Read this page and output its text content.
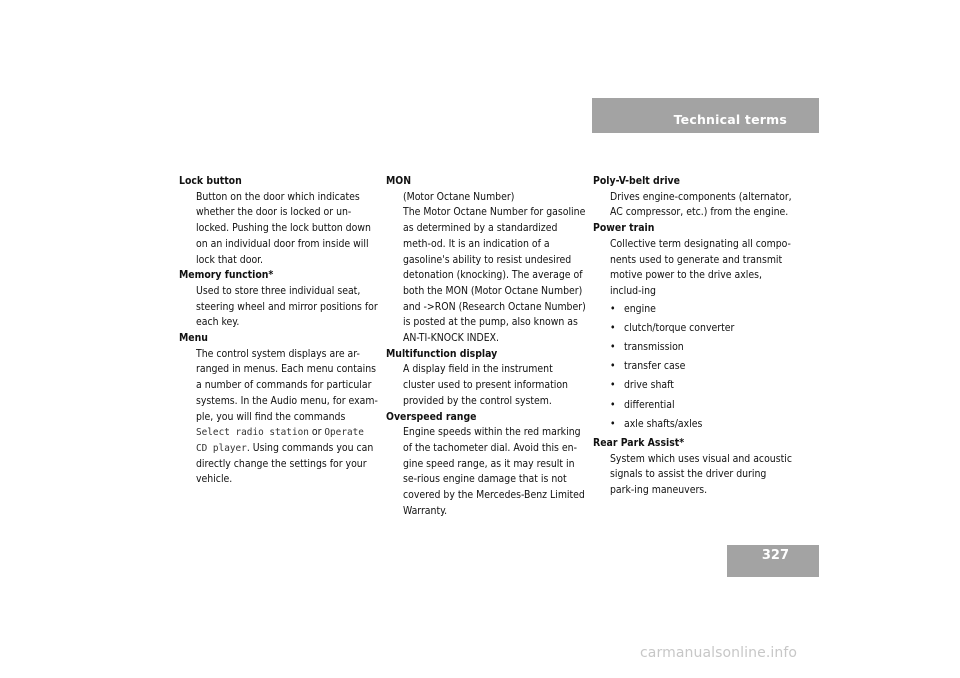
Technical terms
Lock button
Button on the door which indicates whether the door is locked or un-locked. Pushing the lock button down on an individual door from inside will lock that door.
Memory function*
Used to store three individual seat, steering wheel and mirror positions for each key.
Menu
The control system displays are ar-ranged in menus. Each menu contains a number of commands for particular systems. In the Audio menu, for exam-ple, you will find the commands Select radio station or Operate CD player. Using commands you can directly change the settings for your vehicle.
MON
(Motor Octane Number)
The Motor Octane Number for gasoline as determined by a standardized meth-od. It is an indication of a gasoline's ability to resist undesired detonation (knocking). The average of both the MON (Motor Octane Number) and ->RON (Research Octane Number) is posted at the pump, also known as AN-TI-KNOCK INDEX.
Multifunction display
A display field in the instrument cluster used to present information provided by the control system.
Overspeed range
Engine speeds within the red marking of the tachometer dial. Avoid this en-gine speed range, as it may result in se-rious engine damage that is not covered by the Mercedes-Benz Limited Warranty.
Poly-V-belt drive
Drives engine-components (alternator, AC compressor, etc.) from the engine.
Power train
Collective term designating all compo-nents used to generate and transmit motive power to the drive axles, includ-ing
• engine
• clutch/torque converter
• transmission
• transfer case
• drive shaft
• differential
• axle shafts/axles
Rear Park Assist*
System which uses visual and acoustic signals to assist the driver during park-ing maneuvers.
327
carmanualsonline.info
